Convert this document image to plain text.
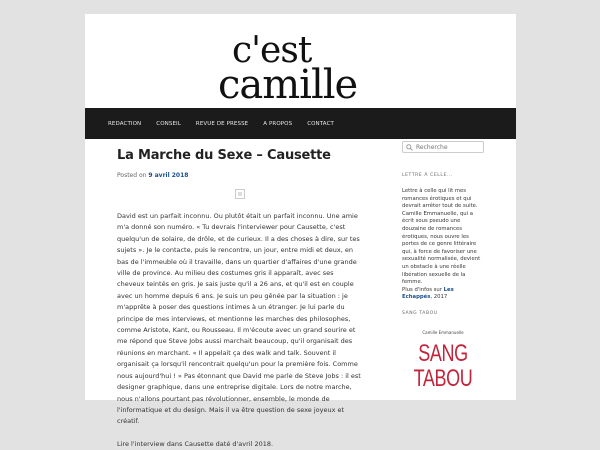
c'est
camille
REDACTION	CONSEIL	REVUE DE PRESSE	A PROPOS	CONTACT
La Marche du Sexe – Causette
Posted on 9 avril 2018

David est un parfait inconnu. Ou plutôt était un parfait inconnu. Une amie m'a donné son numéro. « Tu devrais l'interviewer pour Causette, c'est quelqu'un de solaire, de drôle, et de curieux. Il a des choses à dire, sur tes sujets ». Je le contacte, puis le rencontre, un jour, entre midi et deux, en bas de l'immeuble où il travaille, dans un quartier d'affaires d'une grande ville de province. Au milieu des costumes gris il apparaît, avec ses cheveux teintés en gris. Je sais juste qu'il a 26 ans, et qu'il est en couple avec un homme depuis 6 ans. Je suis un peu gênée par la situation : je m'apprête à poser des questions intimes à un étranger. Je lui parle du principe de mes interviews, et mentionne les marches des philosophes, comme Aristote, Kant, ou Rousseau. Il m'écoute avec un grand sourire et me répond que Steve Jobs aussi marchait beaucoup, qu'il organisait des réunions en marchant. « Il appelait ça des walk and talk. Souvent il organisait ça lorsqu'il rencontrait quelqu'un pour la première fois. Comme nous aujourd'hui ! » Pas étonnant que David me parle de Steve Jobs : il est designer graphique, dans une entreprise digitale. Lors de notre marche, nous n'allons pourtant pas révolutionner, ensemble, le monde de l'informatique et du design. Mais il va être question de sexe joyeux et créatif.

Lire l'interview dans Causette daté d'avril 2018.

Recherche
LETTRE À CELLE...
Lettre à celle qui lit mes romances érotiques et qui devrait arrêter tout de suite. Camille Emmanuelle, qui a écrit sous pseudo une douzaine de romances érotiques, nous ouvre les portes de ce genre littéraire qui, à force de favoriser une sexualité normalisée, devient un obstacle à une réelle libération sexuelle de la femme.
Plus d'infos sur Les Echappés, 2017
SANG TABOU
Camille Emmanuelle
SANG
TABOU
